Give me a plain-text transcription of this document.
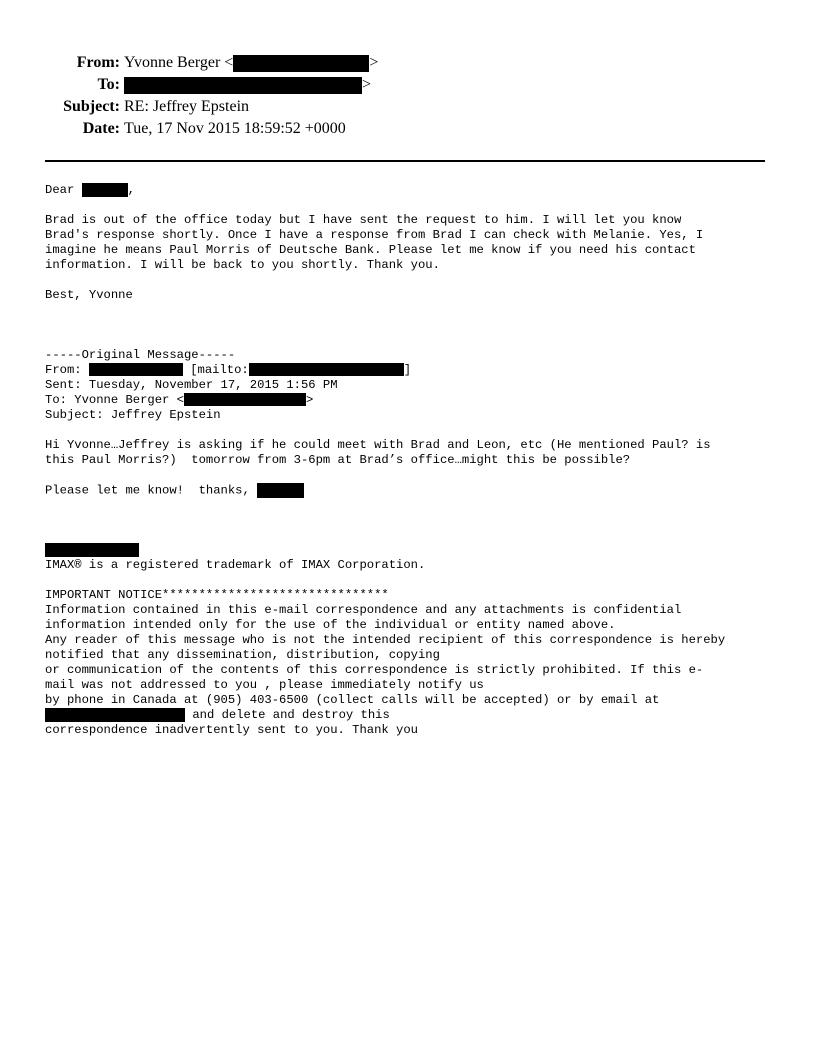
From: Yvonne Berger <	>
To:	>
Subject: RE: Jeffrey Epstein
Date: Tue, 17 Nov 2015 18:59:52 +0000
Dear	,
Brad is out of the office today but I have sent the request to him. I will let you know
Brad's response shortly. Once I have a response from Brad I can check with Melanie. Yes, I
imagine he means Paul Morris of Deutsche Bank. Please let me know if you need his contact
information. I will be back to you shortly. Thank you.
Best, Yvonne
-----Original Message-----
From:	[mailto:	]
Sent: Tuesday, November 17, 2015 1:56 PM
To: Yvonne Berger <	>
Subject: Jeffrey Epstein
Hi Yvonne…Jeffrey is asking if he could meet with Brad and Leon, etc (He mentioned Paul? is
this Paul Morris?)  tomorrow from 3-6pm at Brad’s office…might this be possible?
Please let me know!  thanks,
IMAX® is a registered trademark of IMAX Corporation.
IMPORTANT NOTICE*******************************
Information contained in this e-mail correspondence and any attachments is confidential
information intended only for the use of the individual or entity named above.
Any reader of this message who is not the intended recipient of this correspondence is hereby
notified that any dissemination, distribution, copying
or communication of the contents of this correspondence is strictly prohibited. If this e-
mail was not addressed to you , please immediately notify us
by phone in Canada at (905) 403-6500 (collect calls will be accepted) or by email at
and delete and destroy this
correspondence inadvertently sent to you. Thank you
